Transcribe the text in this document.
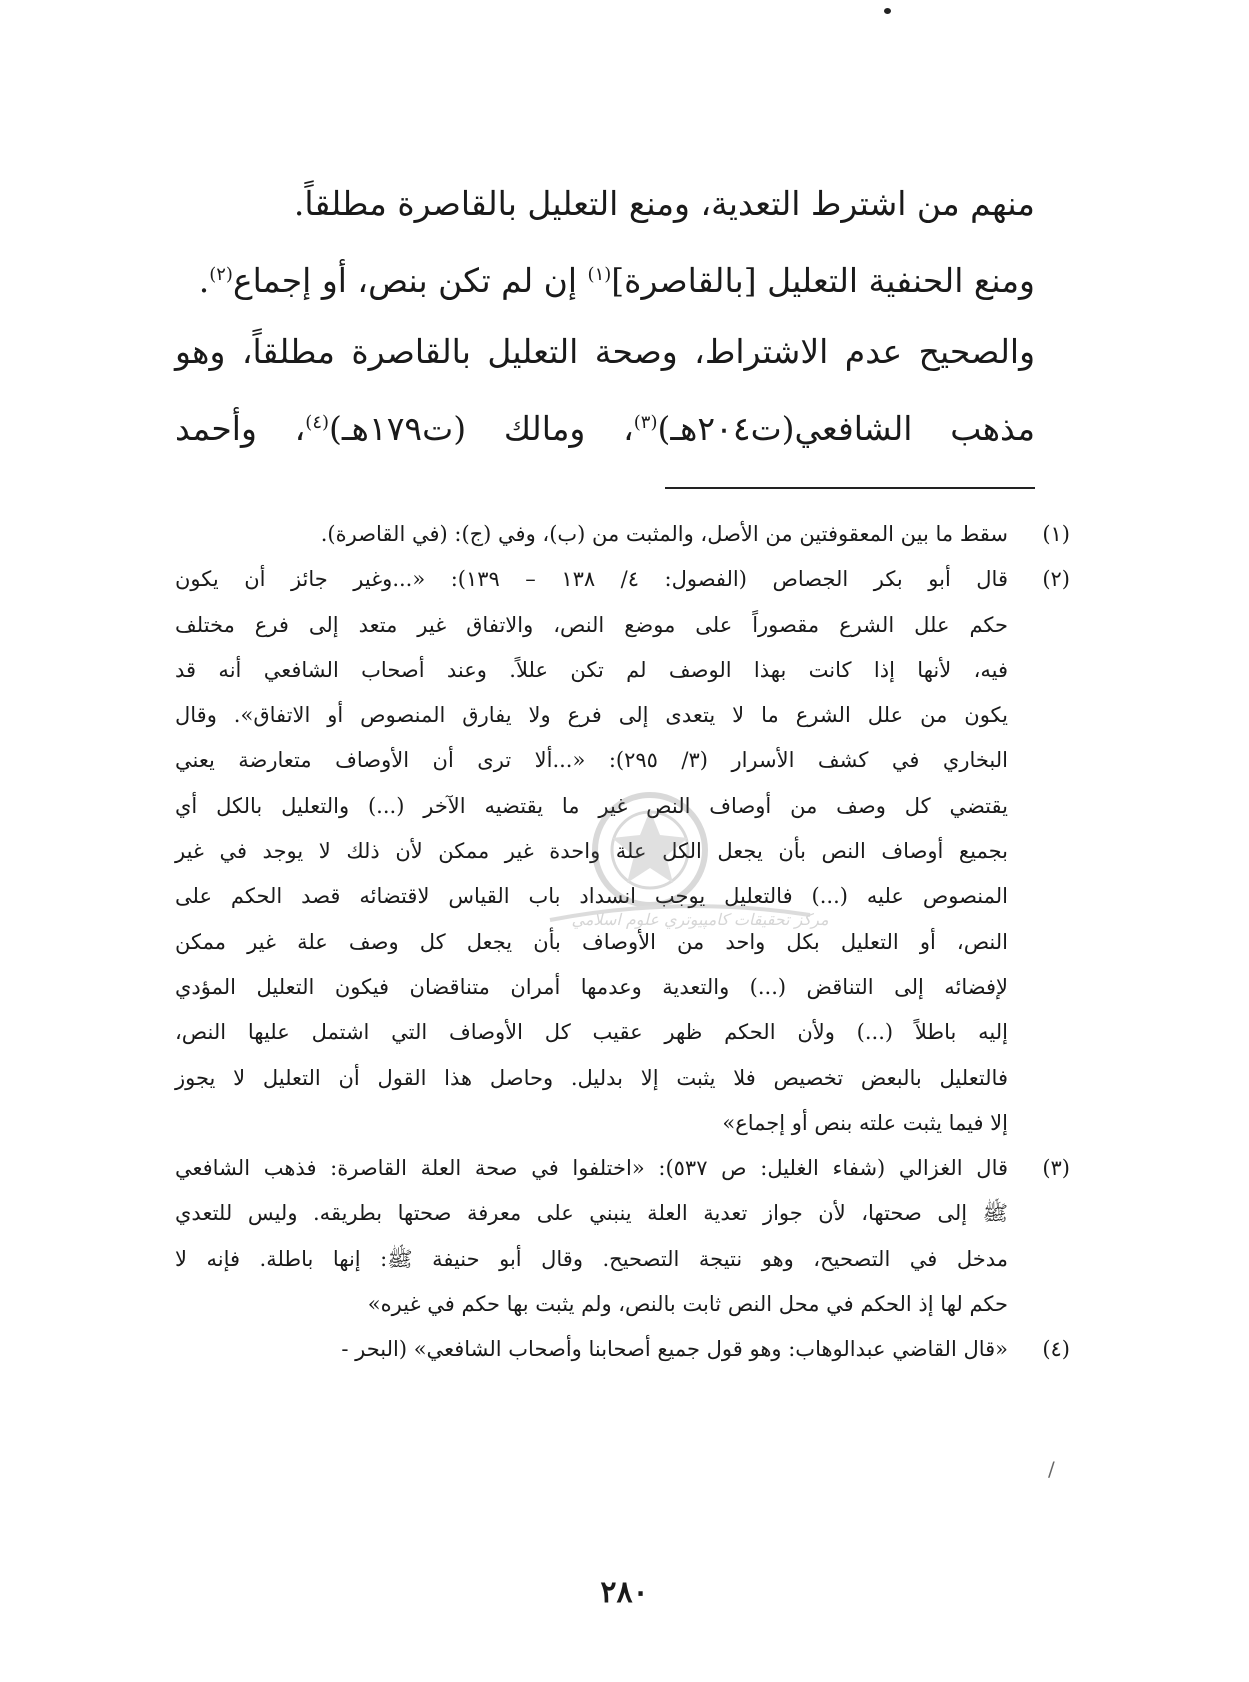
منهم من اشترط التعدية، ومنع التعليل بالقاصرة مطلقاً.

ومنع الحنفية التعليل [بالقاصرة]$^{(١)}$ إن لم تكن بنص، أو إجماع$^{(٢)}$.

والصحيح عدم الاشتراط، وصحة التعليل بالقاصرة مطلقاً، وهو

مذهب الشافعي(ت٢٠٤هـ)$^{(٣)}$، ومالك (ت١٧٩هـ)$^{(٤)}$، وأحمد

(١)
سقط ما بين المعقوفتين من الأصل، والمثبت من (ب)، وفي (ج): (في القاصرة).
(٢)
قال أبو بكر الجصاص (الفصول: ٤/ ١٣٨ – ١٣٩): «...وغير جائز أن يكون
حكم علل الشرع مقصوراً على موضع النص، والاتفاق غير متعد إلى فرع مختلف
فيه، لأنها إذا كانت بهذا الوصف لم تكن عللاً. وعند أصحاب الشافعي أنه قد
يكون من علل الشرع ما لا يتعدى إلى فرع ولا يفارق المنصوص أو الاتفاق». وقال
البخاري في كشف الأسرار (٣/ ٢٩٥): «...ألا ترى أن الأوصاف متعارضة يعني
يقتضي كل وصف من أوصاف النص غير ما يقتضيه الآخر (...) والتعليل بالكل أي
بجميع أوصاف النص بأن يجعل الكل علة واحدة غير ممكن لأن ذلك لا يوجد في غير
المنصوص عليه (...) فالتعليل يوجب انسداد باب القياس لاقتضائه قصد الحكم على
النص، أو التعليل بكل واحد من الأوصاف بأن يجعل كل وصف علة غير ممكن
لإفضائه إلى التناقض (...) والتعدية وعدمها أمران متناقضان فيكون التعليل المؤدي
إليه باطلاً (...) ولأن الحكم ظهر عقيب كل الأوصاف التي اشتمل عليها النص،
فالتعليل بالبعض تخصيص فلا يثبت إلا بدليل. وحاصل هذا القول أن التعليل لا يجوز
إلا فيما يثبت علته بنص أو إجماع»
(٣)
قال الغزالي (شفاء الغليل: ص ٥٣٧): «اختلفوا في صحة العلة القاصرة: فذهب الشافعي
ﷺ إلى صحتها، لأن جواز تعدية العلة ينبني على معرفة صحتها بطريقه. وليس للتعدي
مدخل في التصحيح، وهو نتيجة التصحيح. وقال أبو حنيفة ﷺ: إنها باطلة. فإنه لا
حكم لها إذ الحكم في محل النص ثابت بالنص، ولم يثبت بها حكم في غيره»
(٤)
«قال القاضي عبدالوهاب: وهو قول جميع أصحابنا وأصحاب الشافعي» (البحر -
مركز تحقيقات كامپيوتري علوم اسلامي
/
٢٨٠
